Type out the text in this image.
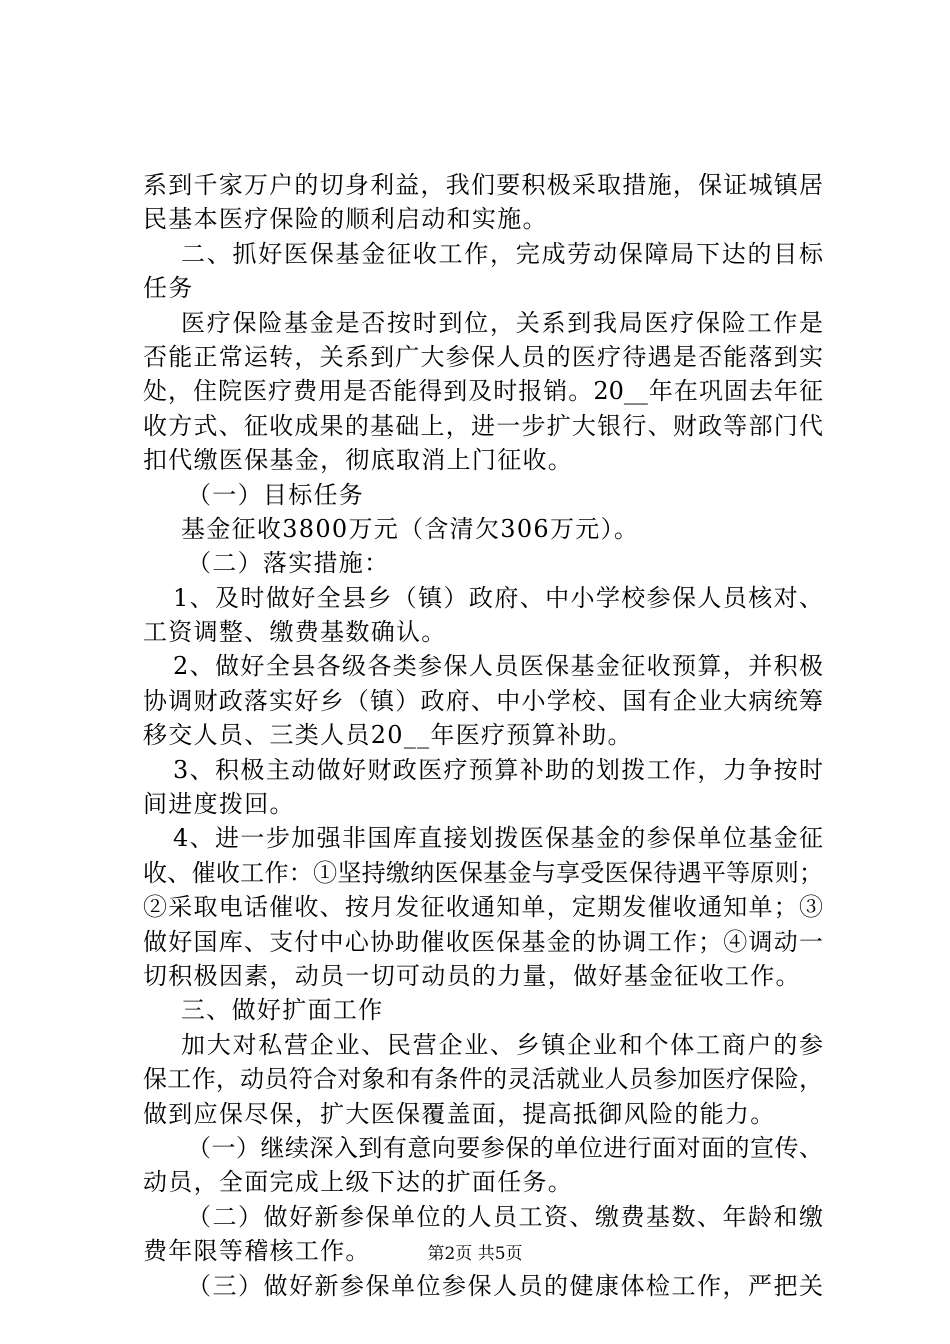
系到千家万户的切身利益，我们要积极采取措施，保证城镇居
民基本医疗保险的顺利启动和实施。
二、抓好医保基金征收工作，完成劳动保障局下达的目标
任务
医疗保险基金是否按时到位，关系到我局医疗保险工作是
否能正常运转，关系到广大参保人员的医疗待遇是否能落到实
处，住院医疗费用是否能得到及时报销。20__年在巩固去年征
收方式、征收成果的基础上，进一步扩大银行、财政等部门代
扣代缴医保基金，彻底取消上门征收。
（一）目标任务
基金征收3800万元（含清欠306万元）。
（二）落实措施：
1、及时做好全县乡（镇）政府、中小学校参保人员核对、
工资调整、缴费基数确认。
2、做好全县各级各类参保人员医保基金征收预算，并积极
协调财政落实好乡（镇）政府、中小学校、国有企业大病统筹
移交人员、三类人员20__年医疗预算补助。
3、积极主动做好财政医疗预算补助的划拨工作，力争按时
间进度拨回。
4、进一步加强非国库直接划拨医保基金的参保单位基金征
收、催收工作：①坚持缴纳医保基金与享受医保待遇平等原则；
②采取电话催收、按月发征收通知单，定期发催收通知单；③
做好国库、支付中心协助催收医保基金的协调工作；④调动一
切积极因素，动员一切可动员的力量，做好基金征收工作。
三、做好扩面工作
加大对私营企业、民营企业、乡镇企业和个体工商户的参
保工作，动员符合对象和有条件的灵活就业人员参加医疗保险，
做到应保尽保，扩大医保覆盖面，提高抵御风险的能力。
（一）继续深入到有意向要参保的单位进行面对面的宣传、
动员，全面完成上级下达的扩面任务。
（二）做好新参保单位的人员工资、缴费基数、年龄和缴
费年限等稽核工作。
（三）做好新参保单位参保人员的健康体检工作，严把关
第2页 共5页
